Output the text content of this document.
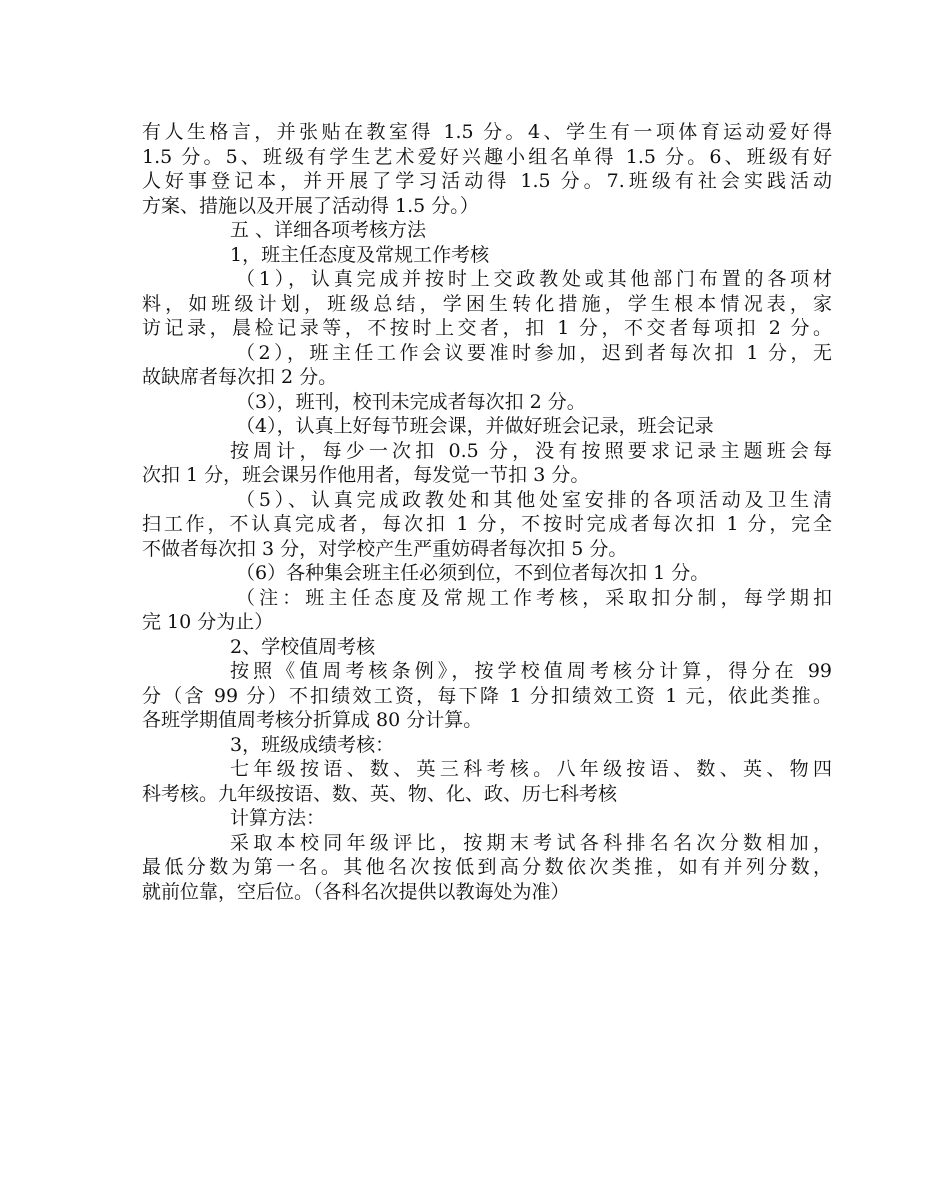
有人生格言，并张贴在教室得 1.5 分。4、学生有一项体育运动爱好得
1.5 分。5、班级有学生艺术爱好兴趣小组名单得 1.5 分。6、班级有好
人好事登记本，并开展了学习活动得 1.5 分。7.班级有社会实践活动
方案、措施以及开展了活动得 1.5 分。）
五 、详细各项考核方法
1，班主任态度及常规工作考核
（1），认真完成并按时上交政教处或其他部门布置的各项材
料，如班级计划，班级总结，学困生转化措施，学生根本情况表，家
访记录，晨检记录等，不按时上交者，扣 1 分，不交者每项扣 2 分。
（2），班主任工作会议要准时参加，迟到者每次扣 1 分，无
故缺席者每次扣 2 分。
（3），班刊，校刊未完成者每次扣 2 分。
（4），认真上好每节班会课，并做好班会记录，班会记录
按周计，每少一次扣 0.5 分，没有按照要求记录主题班会每
次扣 1 分，班会课另作他用者，每发觉一节扣 3 分。
（5）、认真完成政教处和其他处室安排的各项活动及卫生清
扫工作，不认真完成者，每次扣 1 分，不按时完成者每次扣 1 分，完全
不做者每次扣 3 分，对学校产生严重妨碍者每次扣 5 分。
（6）各种集会班主任必须到位，不到位者每次扣 1 分。
（注：班主任态度及常规工作考核，采取扣分制，每学期扣
完 10 分为止）
2、学校值周考核
按照《值周考核条例》，按学校值周考核分计算，得分在 99
分（含 99 分）不扣绩效工资，每下降 1 分扣绩效工资 1 元，依此类推。
各班学期值周考核分折算成 80 分计算。
3，班级成绩考核：
七年级按语、数、英三科考核。八年级按语、数、英、物四
科考核。九年级按语、数、英、物、化、政、历七科考核
计算方法：
采取本校同年级评比，按期末考试各科排名名次分数相加，
最低分数为第一名。其他名次按低到高分数依次类推，如有并列分数，
就前位靠，空后位。（各科名次提供以教诲处为准）
